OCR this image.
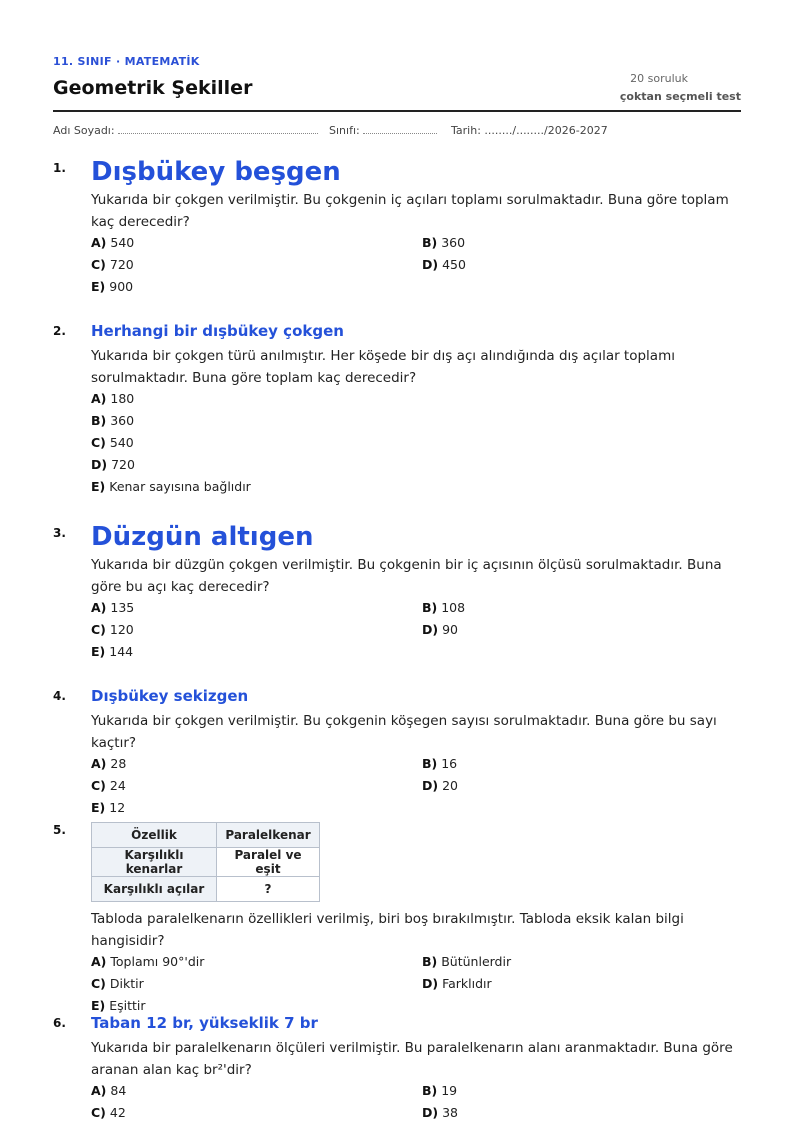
11. SINIF · MATEMATİK
Geometrik Şekiller	20 soruluk
çoktan seçmeli test
Adı Soyadı:	Sınıfı:	Tarih: ......../......../2026-2027
1. Dışbükey beşgen

Yukarıda bir çokgen verilmiştir. Bu çokgenin iç açıları toplamı sorulmaktadır. Buna göre toplam kaç derecedir?

A) 540	B) 360
C) 720	D) 450
E) 900
2. Herhangi bir dışbükey çokgen

Yukarıda bir çokgen türü anılmıştır. Her köşede bir dış açı alındığında dış açılar toplamı sorulmaktadır. Buna göre toplam kaç derecedir?

A) 180
B) 360
C) 540
D) 720
E) Kenar sayısına bağlıdır
3. Düzgün altıgen

Yukarıda bir düzgün çokgen verilmiştir. Bu çokgenin bir iç açısının ölçüsü sorulmaktadır. Buna göre bu açı kaç derecedir?

A) 135	B) 108
C) 120	D) 90
E) 144
4. Dışbükey sekizgen

Yukarıda bir çokgen verilmiştir. Bu çokgenin köşegen sayısı sorulmaktadır. Buna göre bu sayı kaçtır?

A) 28	B) 16
C) 24	D) 20
E) 12
5.	Özellik	Paralelkenar
Karşılıklı kenarlar	Paralel ve eşit
Karşılıklı açılar	?

Tabloda paralelkenarın özellikleri verilmiş, biri boş bırakılmıştır. Tabloda eksik kalan bilgi hangisidir?

A) Toplamı 90°'dir	B) Bütünlerdir
C) Diktir	D) Farklıdır
E) Eşittir
6. Taban 12 br, yükseklik 7 br

Yukarıda bir paralelkenarın ölçüleri verilmiştir. Bu paralelkenarın alanı aranmaktadır. Buna göre aranan alan kaç br²'dir?

A) 84	B) 19
C) 42	D) 38
